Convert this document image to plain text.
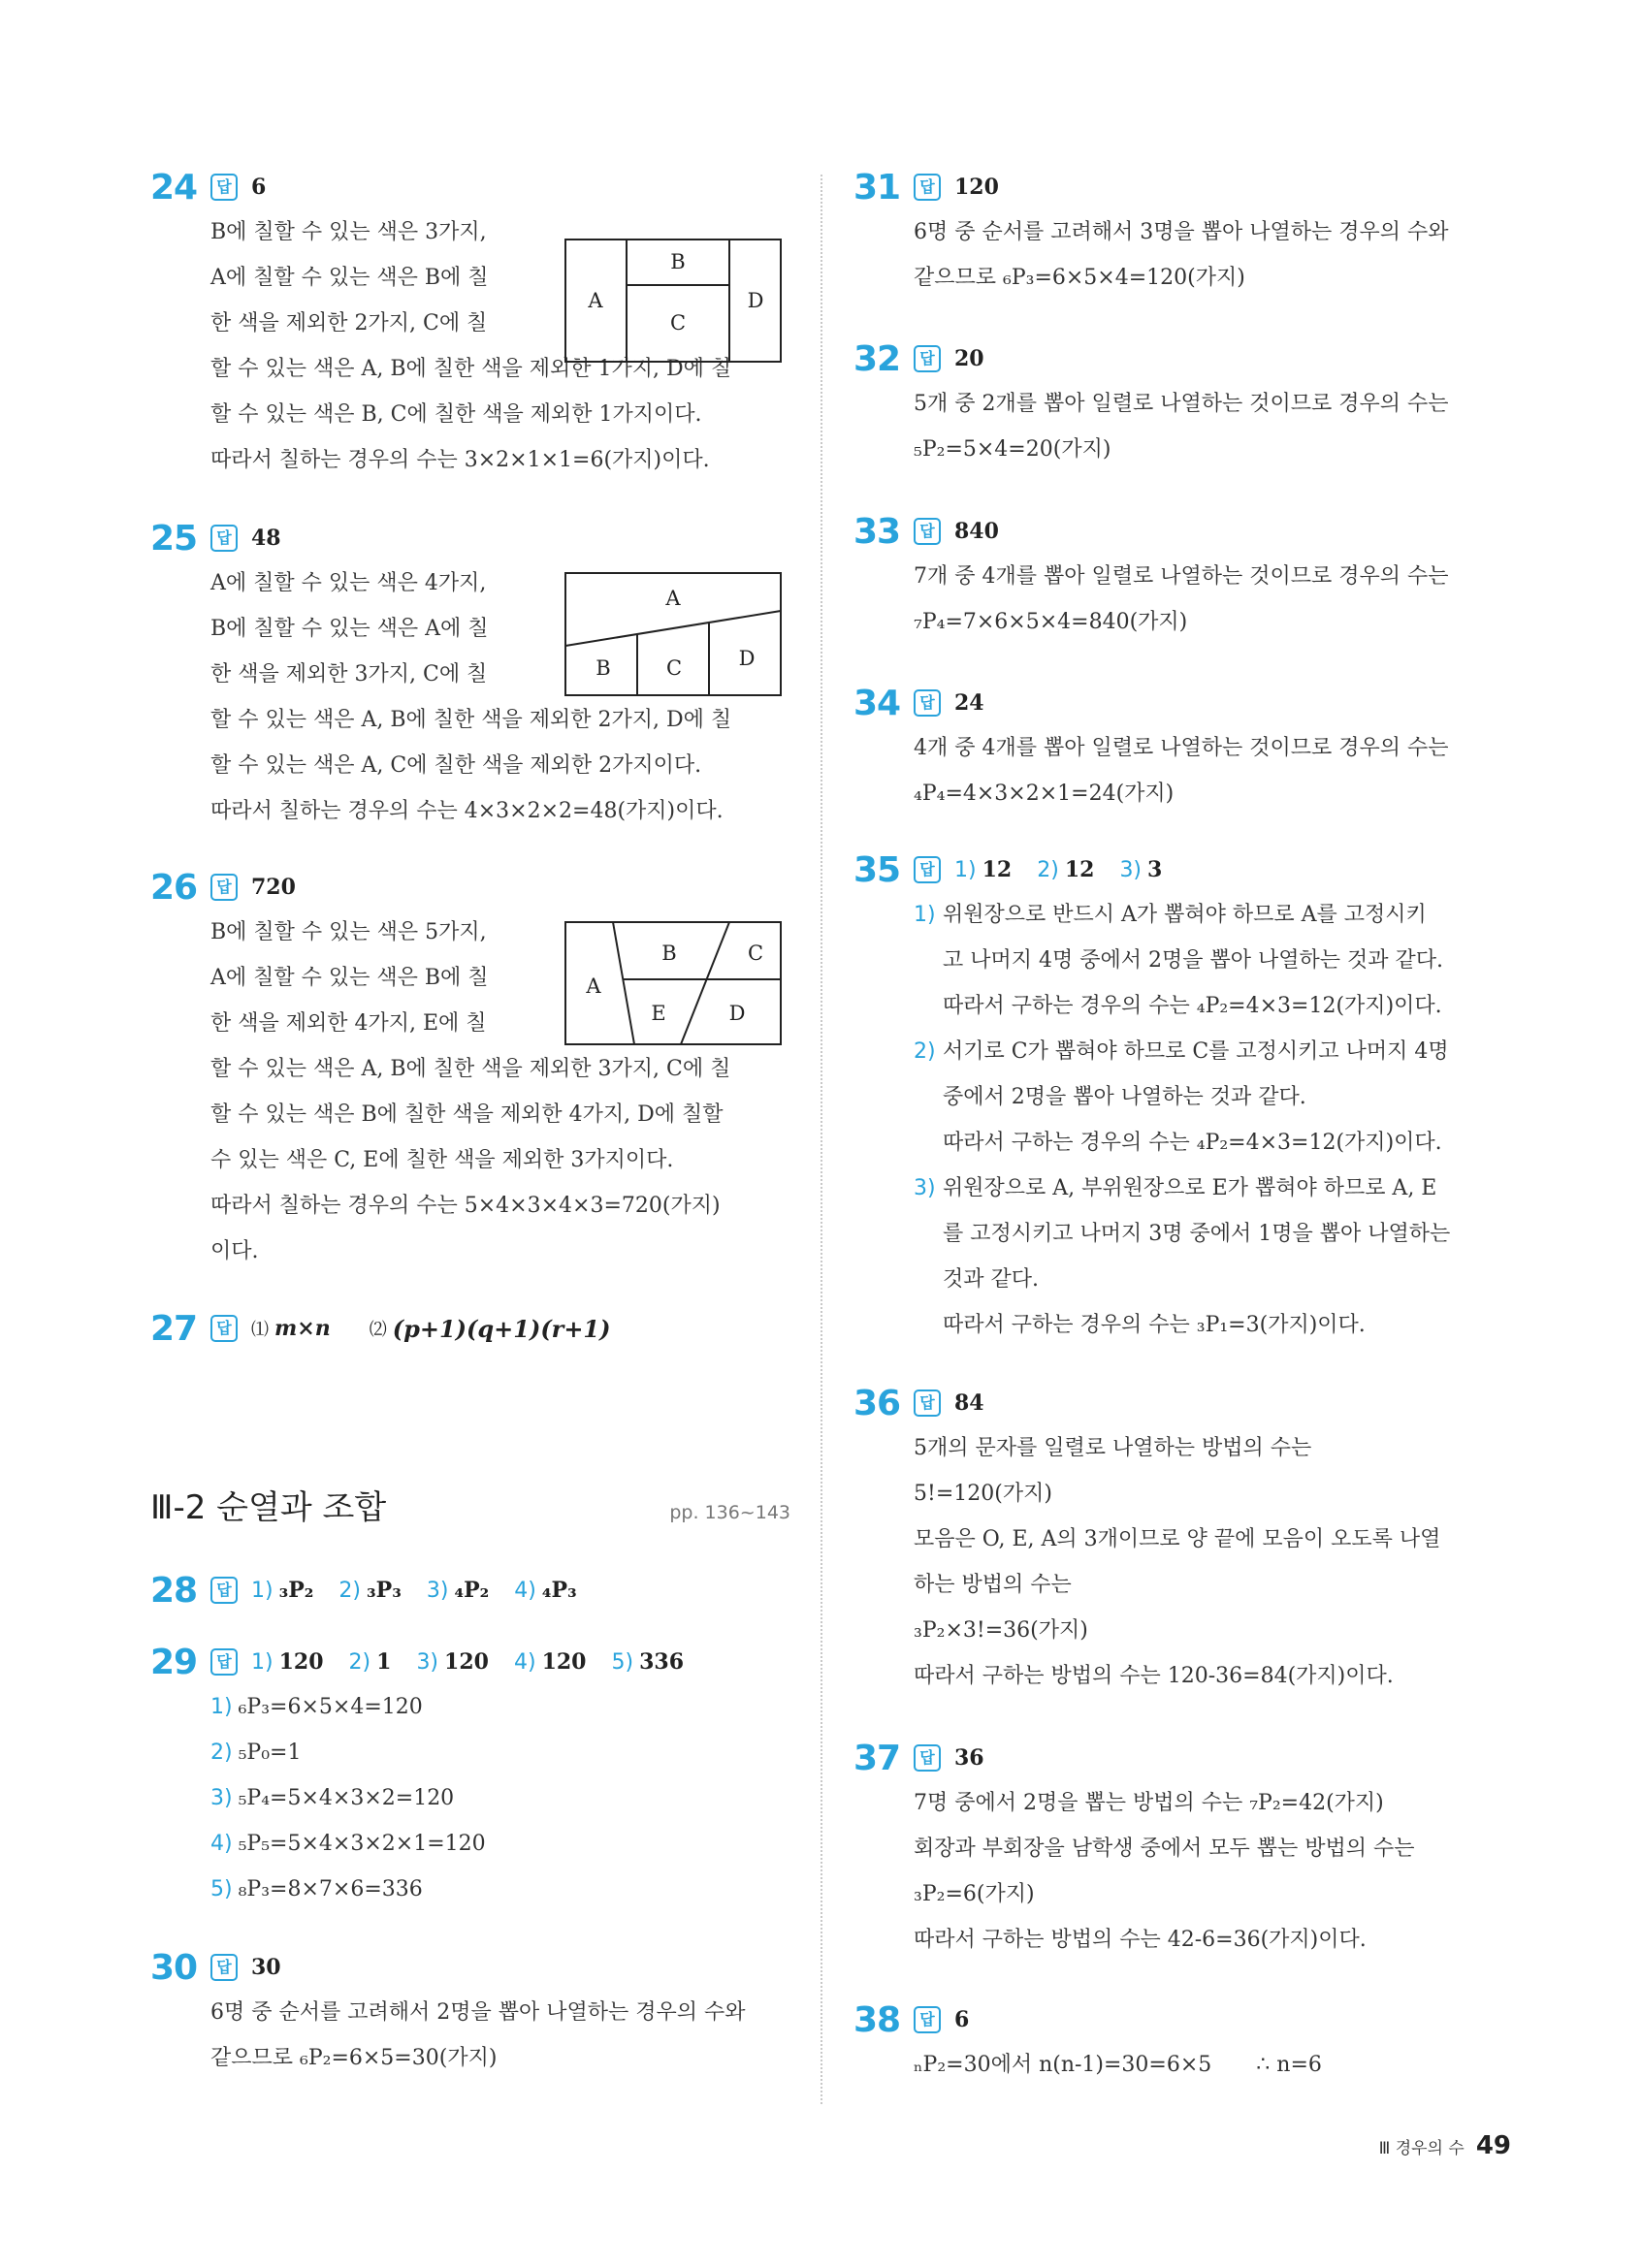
24	답 6
B에 칠할 수 있는 색은 3가지,
A에 칠할 수 있는 색은 B에 칠
한 색을 제외한 2가지, C에 칠
할 수 있는 색은 A, B에 칠한 색을 제외한 1가지, D에 칠
할 수 있는 색은 B, C에 칠한 색을 제외한 1가지이다.
따라서 칠하는 경우의 수는 3×2×1×1=6(가지)이다.
A
B
C
D
25	답 48
A에 칠할 수 있는 색은 4가지,
B에 칠할 수 있는 색은 A에 칠
한 색을 제외한 3가지, C에 칠
할 수 있는 색은 A, B에 칠한 색을 제외한 2가지, D에 칠
할 수 있는 색은 A, C에 칠한 색을 제외한 2가지이다.
따라서 칠하는 경우의 수는 4×3×2×2=48(가지)이다.
A
B	C	D
26	답 720
B에 칠할 수 있는 색은 5가지,
A에 칠할 수 있는 색은 B에 칠
한 색을 제외한 4가지, E에 칠
할 수 있는 색은 A, B에 칠한 색을 제외한 3가지, C에 칠
할 수 있는 색은 B에 칠한 색을 제외한 4가지, D에 칠할
수 있는 색은 C, E에 칠한 색을 제외한 3가지이다.
따라서 칠하는 경우의 수는 5×4×3×4×3=720(가지)
이다.
A
B	C
E	D
27	답	⑴ m×n ⑵ (p+1)(q+1)(r+1)
Ⅲ-2 순열과 조합	pp. 136~143
28	답 1) ₃P₂ 2) ₃P₃ 3) ₄P₂ 4) ₄P₃
29	답 1) 120 2) 1 3) 120 4) 120 5) 336
1) ₆P₃=6×5×4=120
2) ₅P₀=1
3) ₅P₄=5×4×3×2=120
4) ₅P₅=5×4×3×2×1=120
5) ₈P₃=8×7×6=336
30	답 30
6명 중 순서를 고려해서 2명을 뽑아 나열하는 경우의 수와
같으므로 ₆P₂=6×5=30(가지)
31	답 120
6명 중 순서를 고려해서 3명을 뽑아 나열하는 경우의 수와
같으므로 ₆P₃=6×5×4=120(가지)
32	답 20
5개 중 2개를 뽑아 일렬로 나열하는 것이므로 경우의 수는
₅P₂=5×4=20(가지)
33	답 840
7개 중 4개를 뽑아 일렬로 나열하는 것이므로 경우의 수는
₇P₄=7×6×5×4=840(가지)
34	답 24
4개 중 4개를 뽑아 일렬로 나열하는 것이므로 경우의 수는
₄P₄=4×3×2×1=24(가지)
35	답 1) 12 2) 12 3) 3
1) 위원장으로 반드시 A가 뽑혀야 하므로 A를 고정시키
고 나머지 4명 중에서 2명을 뽑아 나열하는 것과 같다.
따라서 구하는 경우의 수는 ₄P₂=4×3=12(가지)이다.
2) 서기로 C가 뽑혀야 하므로 C를 고정시키고 나머지 4명
중에서 2명을 뽑아 나열하는 것과 같다.
따라서 구하는 경우의 수는 ₄P₂=4×3=12(가지)이다.
3) 위원장으로 A, 부위원장으로 E가 뽑혀야 하므로 A, E
를 고정시키고 나머지 3명 중에서 1명을 뽑아 나열하는
것과 같다.
따라서 구하는 경우의 수는 ₃P₁=3(가지)이다.
36	답 84
5개의 문자를 일렬로 나열하는 방법의 수는
5!=120(가지)
모음은 O, E, A의 3개이므로 양 끝에 모음이 오도록 나열
하는 방법의 수는
₃P₂×3!=36(가지)
따라서 구하는 방법의 수는 120-36=84(가지)이다.
37	답 36
7명 중에서 2명을 뽑는 방법의 수는 ₇P₂=42(가지)
회장과 부회장을 남학생 중에서 모두 뽑는 방법의 수는
₃P₂=6(가지)
따라서 구하는 방법의 수는 42-6=36(가지)이다.
38	답 6
ₙP₂=30에서 n(n-1)=30=6×5 ∴ n=6
Ⅲ 경우의 수 49
